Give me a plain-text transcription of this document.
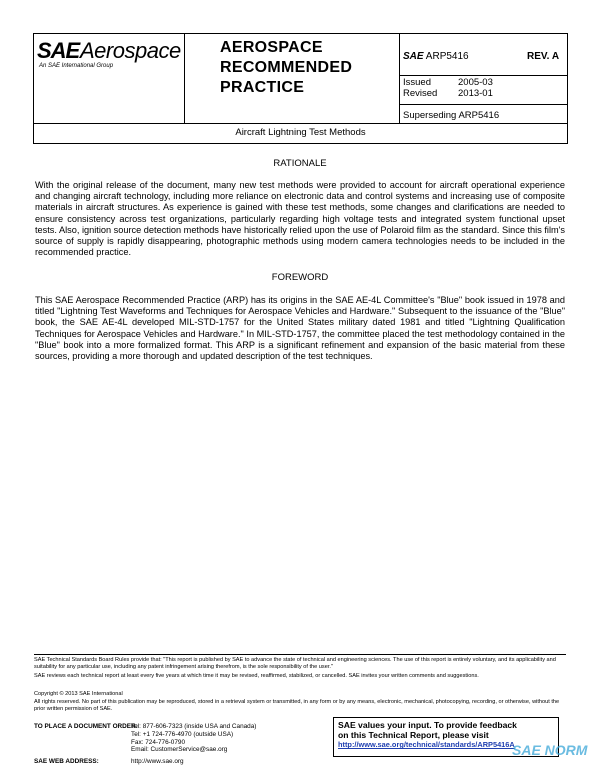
SAE Aerospace
An SAE International Group
AEROSPACE
RECOMMENDED
PRACTICE
SAE ARP5416	REV. A
Issued	2005-03
Revised 2013-01
Superseding ARP5416
Aircraft Lightning Test Methods
RATIONALE
With the original release of the document, many new test methods were provided to account for aircraft operational experience and changing aircraft technology, including more reliance on electronic data and control systems and increasing use of composite materials in aircraft structures. As experience is gained with these test methods, some changes and clarifications are needed to ensure consistency across test organizations, particularly regarding high voltage tests and integrated system functional upset tests. Also, ignition source detection methods have historically relied upon the use of Polaroid film as the standard. Since this film's source of supply is rapidly disappearing, photographic methods using modern camera technologies needs to be included in the recommended practice.
FOREWORD
This SAE Aerospace Recommended Practice (ARP) has its origins in the SAE AE-4L Committee's "Blue" book issued in 1978 and titled "Lightning Test Waveforms and Techniques for Aerospace Vehicles and Hardware." Subsequent to the issuance of the "Blue" book, the SAE AE-4L developed MIL-STD-1757 for the United States military dated 1981 and titled "Lightning Qualification Techniques for Aerospace Vehicles and Hardware." In MIL-STD-1757, the committee placed the test methodology contained in the "Blue" book into a more formalized format. This ARP is a significant refinement and expansion of the basic material from these sources, providing a more thorough and updated description of the test techniques.
SAE Technical Standards Board Rules provide that: "This report is published by SAE to advance the state of technical and engineering sciences. The use of this report is entirely voluntary, and its applicability and suitability for any particular use, including any patent infringement arising therefrom, is the sole responsibility of the user."
SAE reviews each technical report at least every five years at which time it may be revised, reaffirmed, stabilized, or cancelled. SAE invites your written comments and suggestions.
Copyright © 2013 SAE International
All rights reserved. No part of this publication may be reproduced, stored in a retrieval system or transmitted, in any form or by any means, electronic, mechanical, photocopying, recording, or otherwise, without the prior written permission of SAE.
TO PLACE A DOCUMENT ORDER:
Tel: 877-606-7323 (inside USA and Canada)
Tel: +1 724-776-4970 (outside USA)
Fax: 724-776-0790
Email: CustomerService@sae.org
SAE WEB ADDRESS:	http://www.sae.org
SAE values your input. To provide feedback
on this Technical Report, please visit
http://www.sae.org/technical/standards/ARP5416A
SAE NORM
